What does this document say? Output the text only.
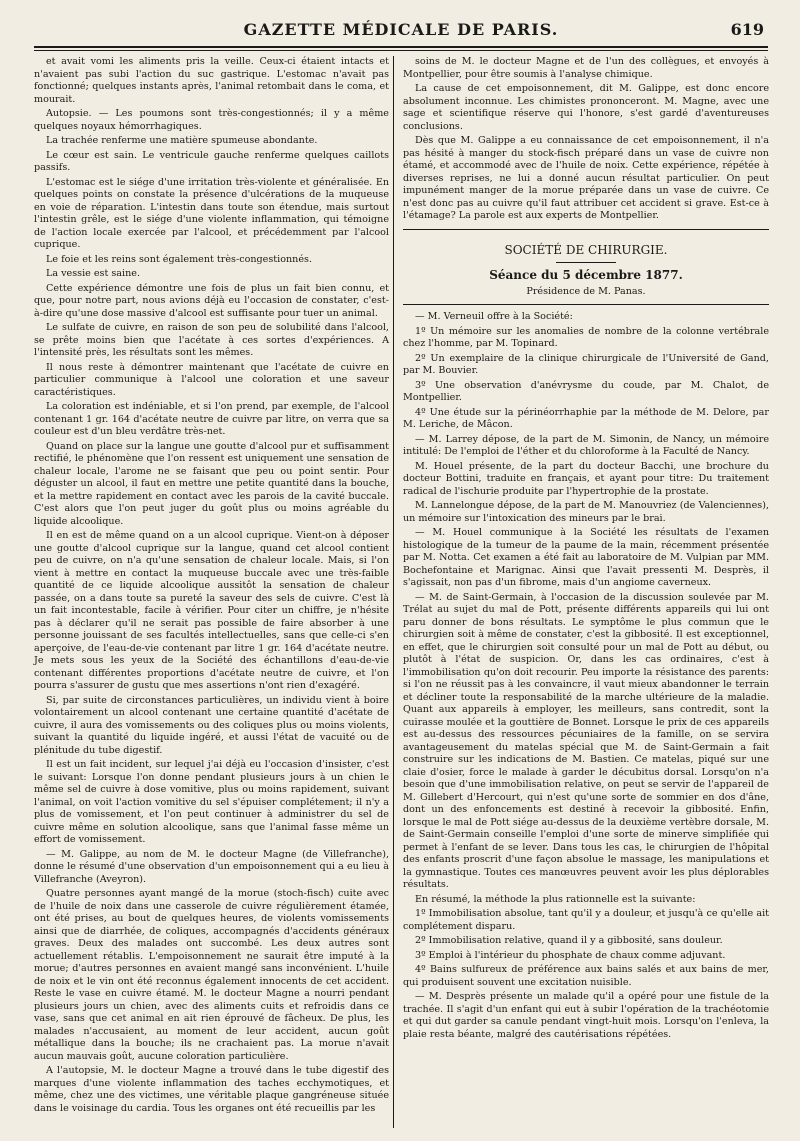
GAZETTE MÉDICALE DE PARIS.	619

et avait vomi les aliments pris la veille. Ceux-ci étaient intacts et n'avaient pas subi l'action du suc gastrique. L'estomac n'avait pas fonctionné; quelques instants après, l'animal retombait dans le coma, et mourait.

Autopsie. — Les poumons sont très-congestionnés; il y a même quelques noyaux hémorrhagiques.

La trachée renferme une matière spumeuse abondante.

Le cœur est sain. Le ventricule gauche renferme quelques caillots passifs.

L'estomac est le siége d'une irritation très-violente et généralisée. En quelques points on constate la présence d'ulcérations de la muqueuse en voie de réparation. L'intestin dans toute son étendue, mais surtout l'intestin grêle, est le siége d'une violente inflammation, qui témoigne de l'action locale exercée par l'alcool, et précédemment par l'alcool cuprique.

Le foie et les reins sont également très-congestionnés.

La vessie est saine.

Cette expérience démontre une fois de plus un fait bien connu, et que, pour notre part, nous avions déjà eu l'occasion de constater, c'est-à-dire qu'une dose massive d'alcool est suffisante pour tuer un animal.

Le sulfate de cuivre, en raison de son peu de solubilité dans l'alcool, se prête moins bien que l'acétate à ces sortes d'expériences. A l'intensité près, les résultats sont les mêmes.

Il nous reste à démontrer maintenant que l'acétate de cuivre en particulier communique à l'alcool une coloration et une saveur caractéristiques.

La coloration est indéniable, et si l'on prend, par exemple, de l'alcool contenant 1 gr. 164 d'acétate neutre de cuivre par litre, on verra que sa couleur est d'un bleu verdâtre très-net.

Quand on place sur la langue une goutte d'alcool pur et suffisamment rectifié, le phénomène que l'on ressent est uniquement une sensation de chaleur locale, l'arome ne se faisant que peu ou point sentir. Pour déguster un alcool, il faut en mettre une petite quantité dans la bouche, et la mettre rapidement en contact avec les parois de la cavité buccale. C'est alors que l'on peut juger du goût plus ou moins agréable du liquide alcoolique.

Il en est de même quand on a un alcool cuprique. Vient-on à déposer une goutte d'alcool cuprique sur la langue, quand cet alcool contient peu de cuivre, on n'a qu'une sensation de chaleur locale. Mais, si l'on vient à mettre en contact la muqueuse buccale avec une très-faible quantité de ce liquide alcoolique aussitôt la sensation de chaleur passée, on a dans toute sa pureté la saveur des sels de cuivre. C'est là un fait incontestable, facile à vérifier. Pour citer un chiffre, je n'hésite pas à déclarer qu'il ne serait pas possible de faire absorber à une personne jouissant de ses facultés intellectuelles, sans que celle-ci s'en aperçoive, de l'eau-de-vie contenant par litre 1 gr. 164 d'acétate neutre. Je mets sous les yeux de la Société des échantillons d'eau-de-vie contenant différentes proportions d'acétate neutre de cuivre, et l'on pourra s'assurer de gustu que mes assertions n'ont rien d'exagéré.

Si, par suite de circonstances particulières, un individu vient à boire volontairement un alcool contenant une certaine quantité d'acétate de cuivre, il aura des vomissements ou des coliques plus ou moins violents, suivant la quantité du liquide ingéré, et aussi l'état de vacuité ou de plénitude du tube digestif.

Il est un fait incident, sur lequel j'ai déjà eu l'occasion d'insister, c'est le suivant: Lorsque l'on donne pendant plusieurs jours à un chien le même sel de cuivre à dose vomitive, plus ou moins rapidement, suivant l'animal, on voit l'action vomitive du sel s'épuiser complétement; il n'y a plus de vomissement, et l'on peut continuer à administrer du sel de cuivre même en solution alcoolique, sans que l'animal fasse même un effort de vomissement.

— M. Galippe, au nom de M. le docteur Magne (de Villefranche), donne le résumé d'une observation d'un empoisonnement qui a eu lieu à Villefranche (Aveyron).

Quatre personnes ayant mangé de la morue (stoch-fisch) cuite avec de l'huile de noix dans une casserole de cuivre régulièrement étamée, ont été prises, au bout de quelques heures, de violents vomissements ainsi que de diarrhée, de coliques, accompagnés d'accidents généraux graves. Deux des malades ont succombé. Les deux autres sont actuellement rétablis. L'empoisonnement ne saurait être imputé à la morue; d'autres personnes en avaient mangé sans inconvénient. L'huile de noix et le vin ont été reconnus également innocents de cet accident. Reste le vase en cuivre étamé. M. le docteur Magne a nourri pendant plusieurs jours un chien, avec des aliments cuits et refroidis dans ce vase, sans que cet animal en ait rien éprouvé de fâcheux. De plus, les malades n'accusaient, au moment de leur accident, aucun goût métallique dans la bouche; ils ne crachaient pas. La morue n'avait aucun mauvais goût, aucune coloration particulière.

A l'autopsie, M. le docteur Magne a trouvé dans le tube digestif des marques d'une violente inflammation des taches ecchymotiques, et même, chez une des victimes, une véritable plaque gangréneuse située dans le voisinage du cardia. Tous les organes ont été recueillis par les

soins de M. le docteur Magne et de l'un des collègues, et envoyés à Montpellier, pour être soumis à l'analyse chimique.

La cause de cet empoisonnement, dit M. Galippe, est donc encore absolument inconnue. Les chimistes prononceront. M. Magne, avec une sage et scientifique réserve qui l'honore, s'est gardé d'aventureuses conclusions.

Dès que M. Galippe a eu connaissance de cet empoisonnement, il n'a pas hésité à manger du stock-fisch préparé dans un vase de cuivre non étamé, et accommodé avec de l'huile de noix. Cette expérience, répétée à diverses reprises, ne lui a donné aucun résultat particulier. On peut impunément manger de la morue préparée dans un vase de cuivre. Ce n'est donc pas au cuivre qu'il faut attribuer cet accident si grave. Est-ce à l'étamage? La parole est aux experts de Montpellier.

SOCIÉTÉ DE CHIRURGIE.

Séance du 5 décembre 1877.

Présidence de M. Panas.

— M. Verneuil offre à la Société:

1º Un mémoire sur les anomalies de nombre de la colonne vertébrale chez l'homme, par M. Topinard.

2º Un exemplaire de la clinique chirurgicale de l'Université de Gand, par M. Bouvier.

3º Une observation d'anévrysme du coude, par M. Chalot, de Montpellier.

4º Une étude sur la périnéorrhaphie par la méthode de M. Delore, par M. Leriche, de Mâcon.

— M. Larrey dépose, de la part de M. Simonin, de Nancy, un mémoire intitulé: De l'emploi de l'éther et du chloroforme à la Faculté de Nancy.

M. Houel présente, de la part du docteur Bacchi, une brochure du docteur Bottini, traduite en français, et ayant pour titre: Du traitement radical de l'ischurie produite par l'hypertrophie de la prostate.

M. Lannelongue dépose, de la part de M. Manouvriez (de Valenciennes), un mémoire sur l'intoxication des mineurs par le brai.

— M. Houel communique à la Société les résultats de l'examen histologique de la tumeur de la paume de la main, récemment présentée par M. Notta. Cet examen a été fait au laboratoire de M. Vulpian par MM. Bochefontaine et Marignac. Ainsi que l'avait pressenti M. Desprès, il s'agissait, non pas d'un fibrome, mais d'un angiome caverneux.

— M. de Saint-Germain, à l'occasion de la discussion soulevée par M. Trélat au sujet du mal de Pott, présente différents appareils qui lui ont paru donner de bons résultats. Le symptôme le plus commun que le chirurgien soit à même de constater, c'est la gibbosité. Il est exceptionnel, en effet, que le chirurgien soit consulté pour un mal de Pott au début, ou plutôt à l'état de suspicion. Or, dans les cas ordinaires, c'est à l'immobilisation qu'on doit recourir. Peu importe la résistance des parents: si l'on ne réussit pas à les convaincre, il vaut mieux abandonner le terrain et décliner toute la responsabilité de la marche ultérieure de la maladie. Quant aux appareils à employer, les meilleurs, sans contredit, sont la cuirasse moulée et la gouttière de Bonnet. Lorsque le prix de ces appareils est au-dessus des ressources pécuniaires de la famille, on se servira avantageusement du matelas spécial que M. de Saint-Germain a fait construire sur les indications de M. Bastien. Ce matelas, piqué sur une claie d'osier, force le malade à garder le décubitus dorsal. Lorsqu'on n'a besoin que d'une immobilisation relative, on peut se servir de l'appareil de M. Gillebert d'Hercourt, qui n'est qu'une sorte de sommier en dos d'âne, dont un des enfoncements est destiné à recevoir la gibbosité. Enfin, lorsque le mal de Pott siége au-dessus de la deuxième vertèbre dorsale, M. de Saint-Germain conseille l'emploi d'une sorte de minerve simplifiée qui permet à l'enfant de se lever. Dans tous les cas, le chirurgien de l'hôpital des enfants proscrit d'une façon absolue le massage, les manipulations et la gymnastique. Toutes ces manœuvres peuvent avoir les plus déplorables résultats.

En résumé, la méthode la plus rationnelle est la suivante:

1º Immobilisation absolue, tant qu'il y a douleur, et jusqu'à ce qu'elle ait complétement disparu.

2º Immobilisation relative, quand il y a gibbosité, sans douleur.

3º Emploi à l'intérieur du phosphate de chaux comme adjuvant.

4º Bains sulfureux de préférence aux bains salés et aux bains de mer, qui produisent souvent une excitation nuisible.

— M. Desprès présente un malade qu'il a opéré pour une fistule de la trachée. Il s'agit d'un enfant qui eut à subir l'opération de la trachéotomie et qui dut garder sa canule pendant vingt-huit mois. Lorsqu'on l'enleva, la plaie resta béante, malgré des cautérisations répétées.
